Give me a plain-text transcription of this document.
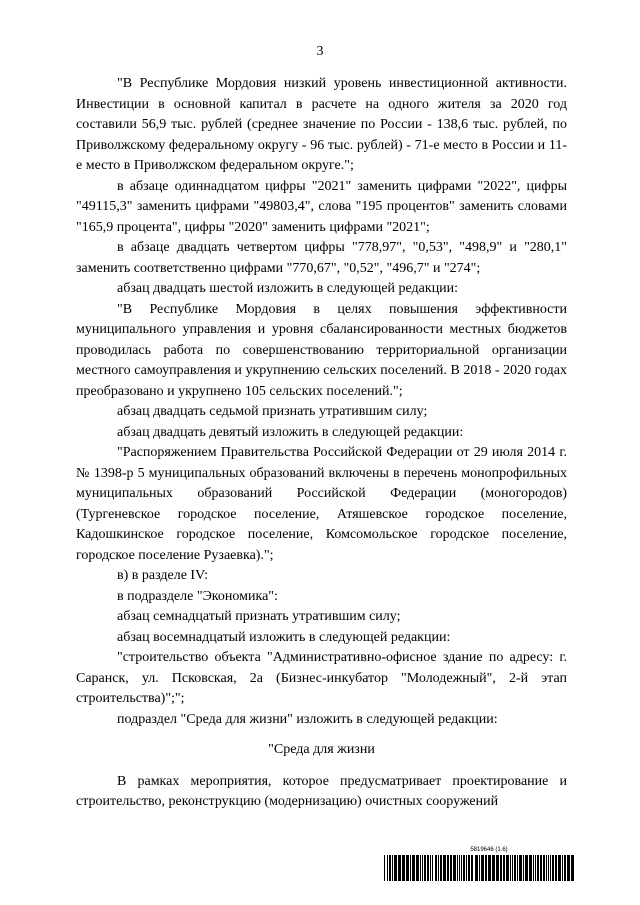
3

"В Республике Мордовия низкий уровень инвестиционной активности. Инвестиции в основной капитал в расчете на одного жителя за 2020 год составили 56,9 тыс. рублей (среднее значение по России - 138,6 тыс. рублей, по Приволжскому федеральному округу - 96 тыс. рублей) - 71-е место в России и 11-е место в Приволжском федеральном округе.";

в абзаце одиннадцатом цифры "2021" заменить цифрами "2022", цифры "49115,3" заменить цифрами "49803,4", слова "195 процентов" заменить словами "165,9 процента", цифры "2020" заменить цифрами "2021";

в абзаце двадцать четвертом цифры "778,97", "0,53", "498,9" и "280,1" заменить соответственно цифрами "770,67", "0,52", "496,7" и "274";

абзац двадцать шестой изложить в следующей редакции:

"В Республике Мордовия в целях повышения эффективности муниципального управления и уровня сбалансированности местных бюджетов проводилась работа по совершенствованию территориальной организации местного самоуправления и укрупнению сельских поселений. В 2018 - 2020 годах преобразовано и укрупнено 105 сельских поселений.";

абзац двадцать седьмой признать утратившим силу;

абзац двадцать девятый изложить в следующей редакции:

"Распоряжением Правительства Российской Федерации от 29 июля 2014 г. № 1398-р 5 муниципальных образований включены в перечень монопрофильных муниципальных образований Российской Федерации (моногородов) (Тургеневское городское поселение, Атяшевское городское поселение, Кадошкинское городское поселение, Комсомольское городское поселение, городское поселение Рузаевка).";

в) в разделе IV:

в подразделе "Экономика":

абзац семнадцатый признать утратившим силу;

абзац восемнадцатый изложить в следующей редакции:

"строительство объекта "Административно-офисное здание по адресу: г. Саранск, ул. Псковская, 2а (Бизнес-инкубатор "Молодежный", 2-й этап строительства)";";

подраздел "Среда для жизни" изложить в следующей редакции:

"Среда для жизни

В рамках мероприятия, которое предусматривает проектирование и строительство, реконструкцию (модернизацию) очистных сооружений

5819646 (1.6)
